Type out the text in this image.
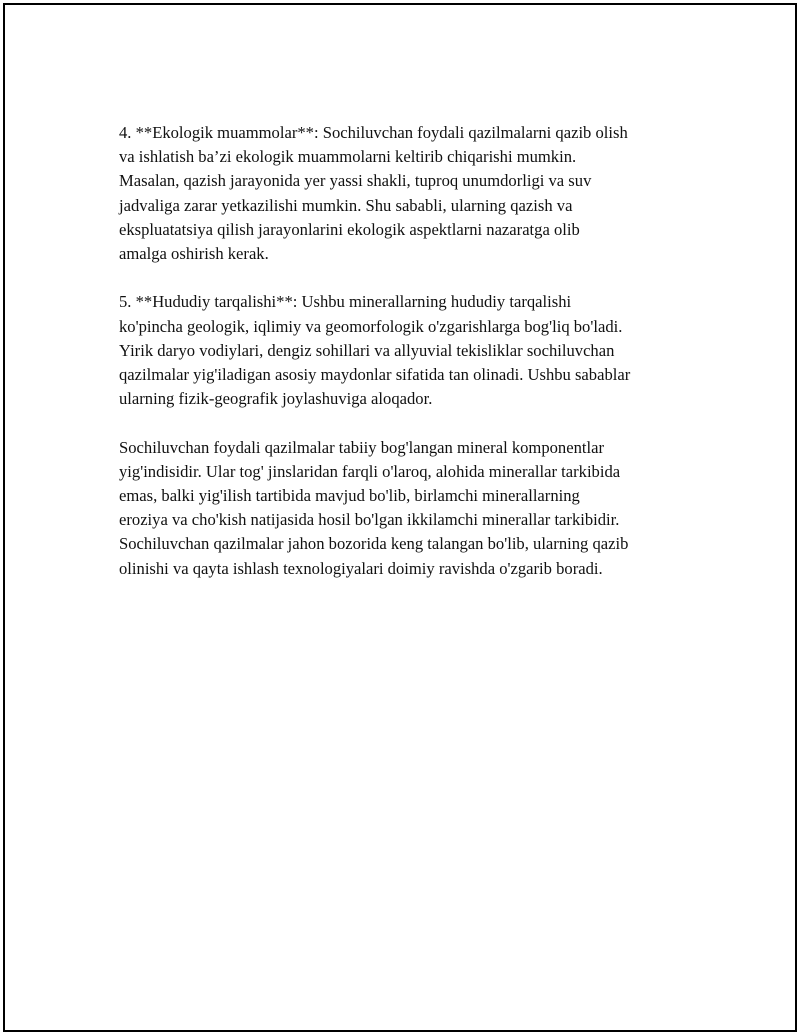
4. **Ekologik muammolar**: Sochiluvchan foydali qazilmalarni qazib olish
va ishlatish ba’zi ekologik muammolarni keltirib chiqarishi mumkin.
Masalan, qazish jarayonida yer yassi shakli, tuproq unumdorligi va suv
jadvaliga zarar yetkazilishi mumkin. Shu sababli, ularning qazish va
ekspluatatsiya qilish jarayonlarini ekologik aspektlarni nazaratga olib
amalga oshirish kerak.

5. **Hududiy tarqalishi**: Ushbu minerallarning hududiy tarqalishi
ko'pincha geologik, iqlimiy va geomorfologik o'zgarishlarga bog'liq bo'ladi.
Yirik daryo vodiylari, dengiz sohillari va allyuvial tekisliklar sochiluvchan
qazilmalar yig'iladigan asosiy maydonlar sifatida tan olinadi. Ushbu sabablar
ularning fizik-geografik joylashuviga aloqador.

Sochiluvchan foydali qazilmalar tabiiy bog'langan mineral komponentlar
yig'indisidir. Ular tog' jinslaridan farqli o'laroq, alohida minerallar tarkibida
emas, balki yig'ilish tartibida mavjud bo'lib, birlamchi minerallarning
eroziya va cho'kish natijasida hosil bo'lgan ikkilamchi minerallar tarkibidir.
Sochiluvchan qazilmalar jahon bozorida keng talangan bo'lib, ularning qazib
olinishi va qayta ishlash texnologiyalari doimiy ravishda o'zgarib boradi.
